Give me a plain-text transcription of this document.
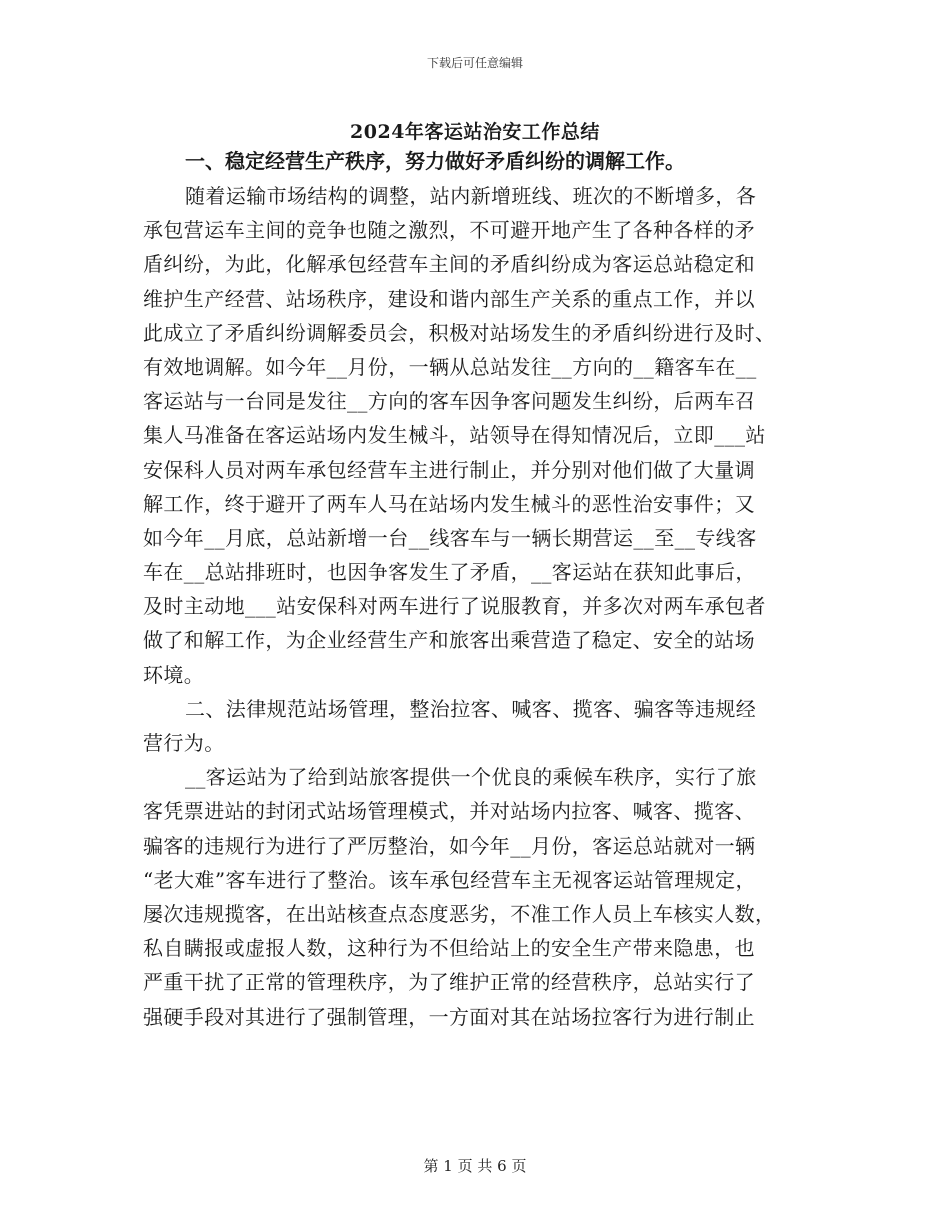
下载后可任意编辑
2024年客运站治安工作总结
一、稳定经营生产秩序，努力做好矛盾纠纷的调解工作。
随着运输市场结构的调整，站内新增班线、班次的不断增多，各
承包营运车主间的竞争也随之激烈，不可避开地产生了各种各样的矛
盾纠纷，为此，化解承包经营车主间的矛盾纠纷成为客运总站稳定和
维护生产经营、站场秩序，建设和谐内部生产关系的重点工作，并以
此成立了矛盾纠纷调解委员会，积极对站场发生的矛盾纠纷进行及时、
有效地调解。如今年__月份，一辆从总站发往__方向的__籍客车在__
客运站与一台同是发往__方向的客车因争客问题发生纠纷，后两车召
集人马准备在客运站场内发生械斗，站领导在得知情况后，立即___站
安保科人员对两车承包经营车主进行制止，并分别对他们做了大量调
解工作，终于避开了两车人马在站场内发生械斗的恶性治安事件；又
如今年__月底，总站新增一台__线客车与一辆长期营运__至__专线客
车在__总站排班时，也因争客发生了矛盾，__客运站在获知此事后，
及时主动地___站安保科对两车进行了说服教育，并多次对两车承包者
做了和解工作，为企业经营生产和旅客出乘营造了稳定、安全的站场
环境。
二、法律规范站场管理，整治拉客、喊客、揽客、骗客等违规经
营行为。
__客运站为了给到站旅客提供一个优良的乘候车秩序，实行了旅
客凭票进站的封闭式站场管理模式，并对站场内拉客、喊客、揽客、
骗客的违规行为进行了严厉整治，如今年__月份，客运总站就对一辆
“老大难”客车进行了整治。该车承包经营车主无视客运站管理规定，
屡次违规揽客，在出站核查点态度恶劣，不准工作人员上车核实人数，
私自瞒报或虚报人数，这种行为不但给站上的安全生产带来隐患，也
严重干扰了正常的管理秩序，为了维护正常的经营秩序，总站实行了
强硬手段对其进行了强制管理，一方面对其在站场拉客行为进行制止
第 1 页 共 6 页
